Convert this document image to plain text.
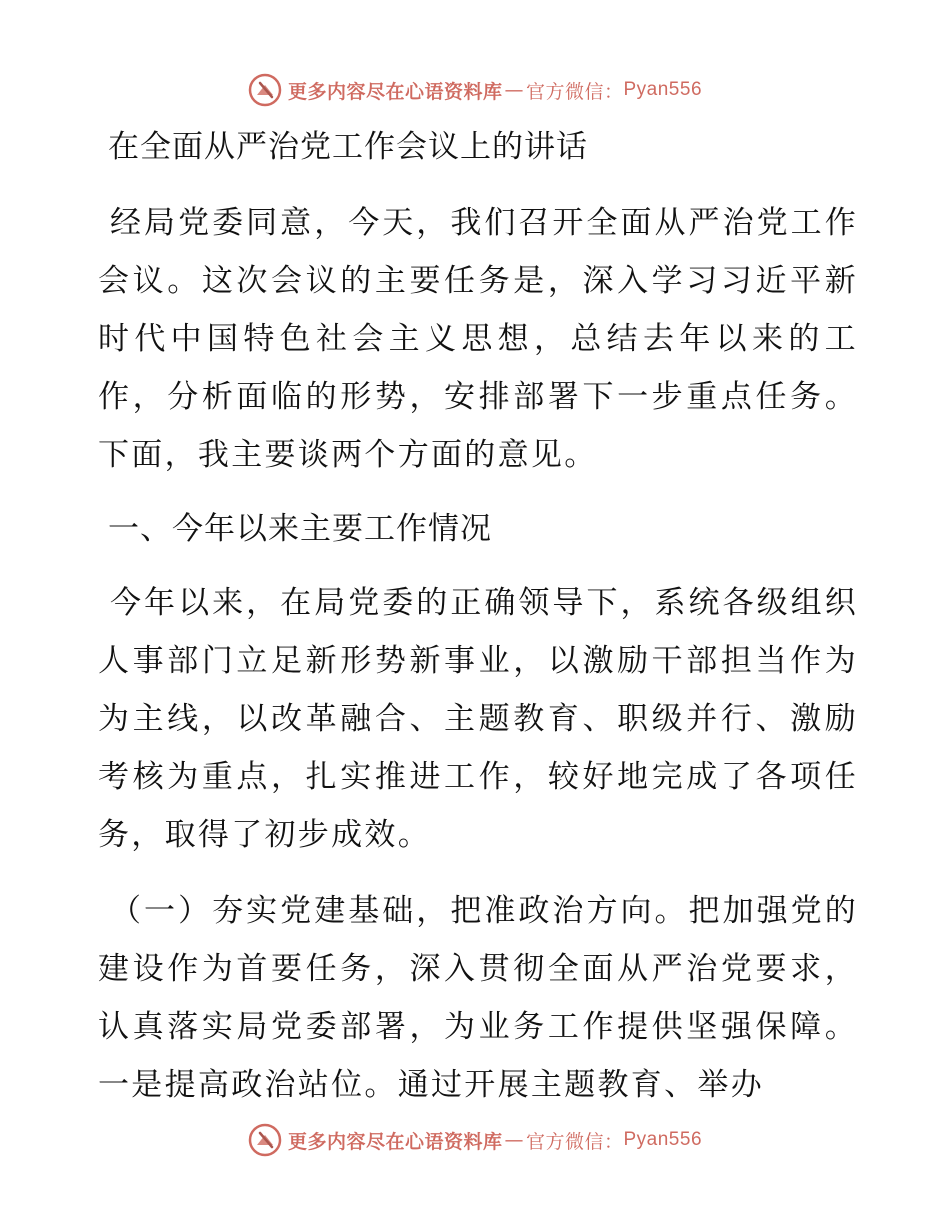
更多内容尽在心语资料库 — 官方微信： Pyan556
在全面从严治党工作会议上的讲话
经局党委同意，今天，我们召开全面从严治党工作会议。这次会议的主要任务是，深入学习习近平新时代中国特色社会主义思想，总结去年以来的工作，分析面临的形势，安排部署下一步重点任务。下面，我主要谈两个方面的意见。
一、今年以来主要工作情况
今年以来，在局党委的正确领导下，系统各级组织人事部门立足新形势新事业，以激励干部担当作为为主线，以改革融合、主题教育、职级并行、激励考核为重点，扎实推进工作，较好地完成了各项任务，取得了初步成效。
（一）夯实党建基础，把准政治方向。把加强党的建设作为首要任务，深入贯彻全面从严治党要求，认真落实局党委部署，为业务工作提供坚强保障。一是提高政治站位。通过开展主题教育、举办
更多内容尽在心语资料库 — 官方微信： Pyan556
